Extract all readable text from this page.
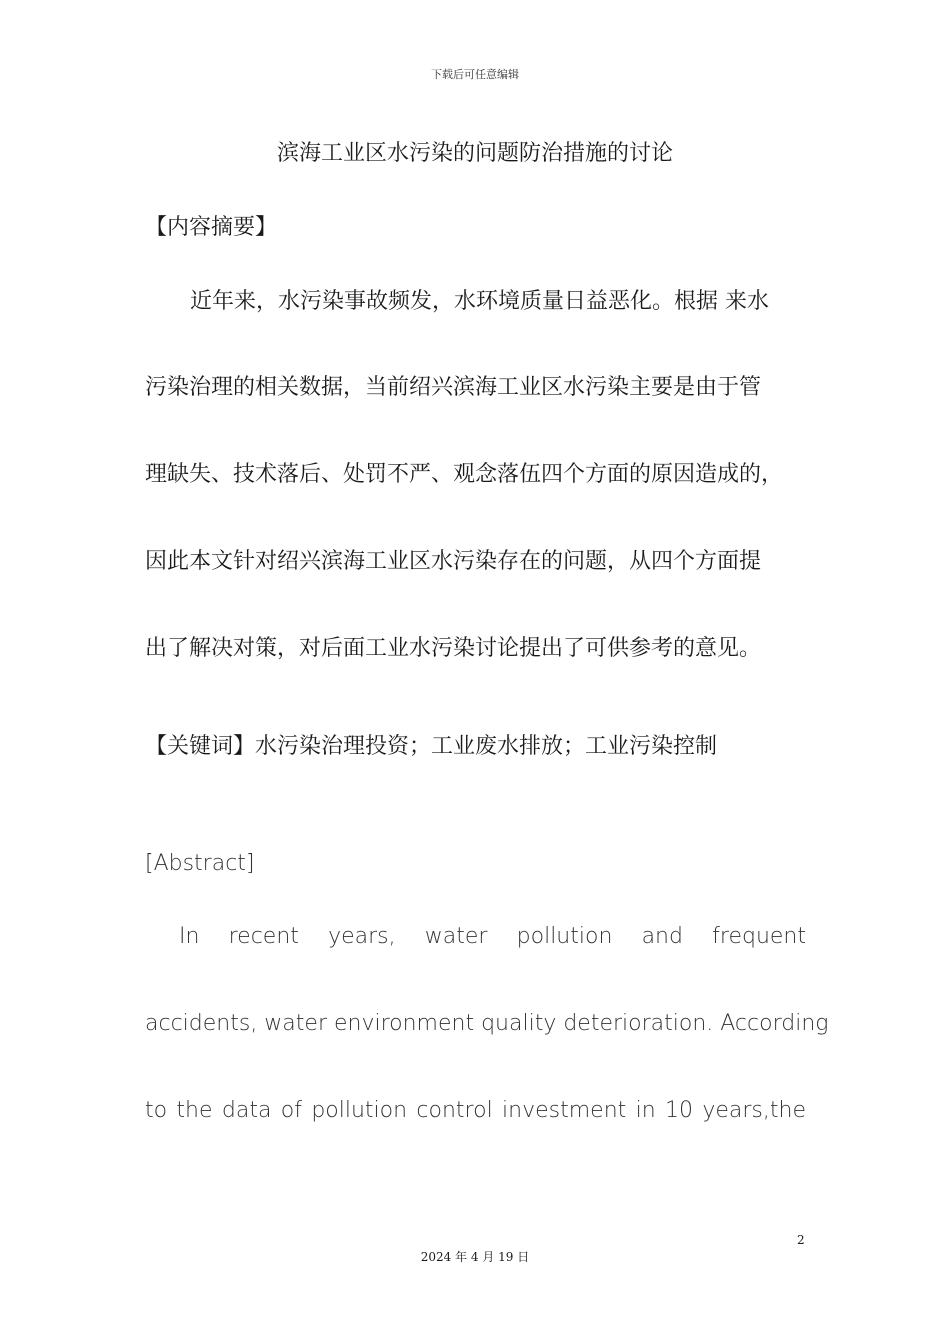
下载后可任意编辑
滨海工业区水污染的问题防治措施的讨论
【内容摘要】
近年来，水污染事故频发，水环境质量日益恶化。根据 来水
污染治理的相关数据，当前绍兴滨海工业区水污染主要是由于管
理缺失、技术落后、处罚不严、观念落伍四个方面的原因造成的，
因此本文针对绍兴滨海工业区水污染存在的问题，从四个方面提
出了解决对策，对后面工业水污染讨论提出了可供参考的意见。
【关键词】水污染治理投资；工业废水排放；工业污染控制
[Abstract]
In recent years, water pollution and frequent
accidents, water environment quality deterioration. According
to the data of pollution control investment in 10 years,the
2
2024 年 4 月 19 日
